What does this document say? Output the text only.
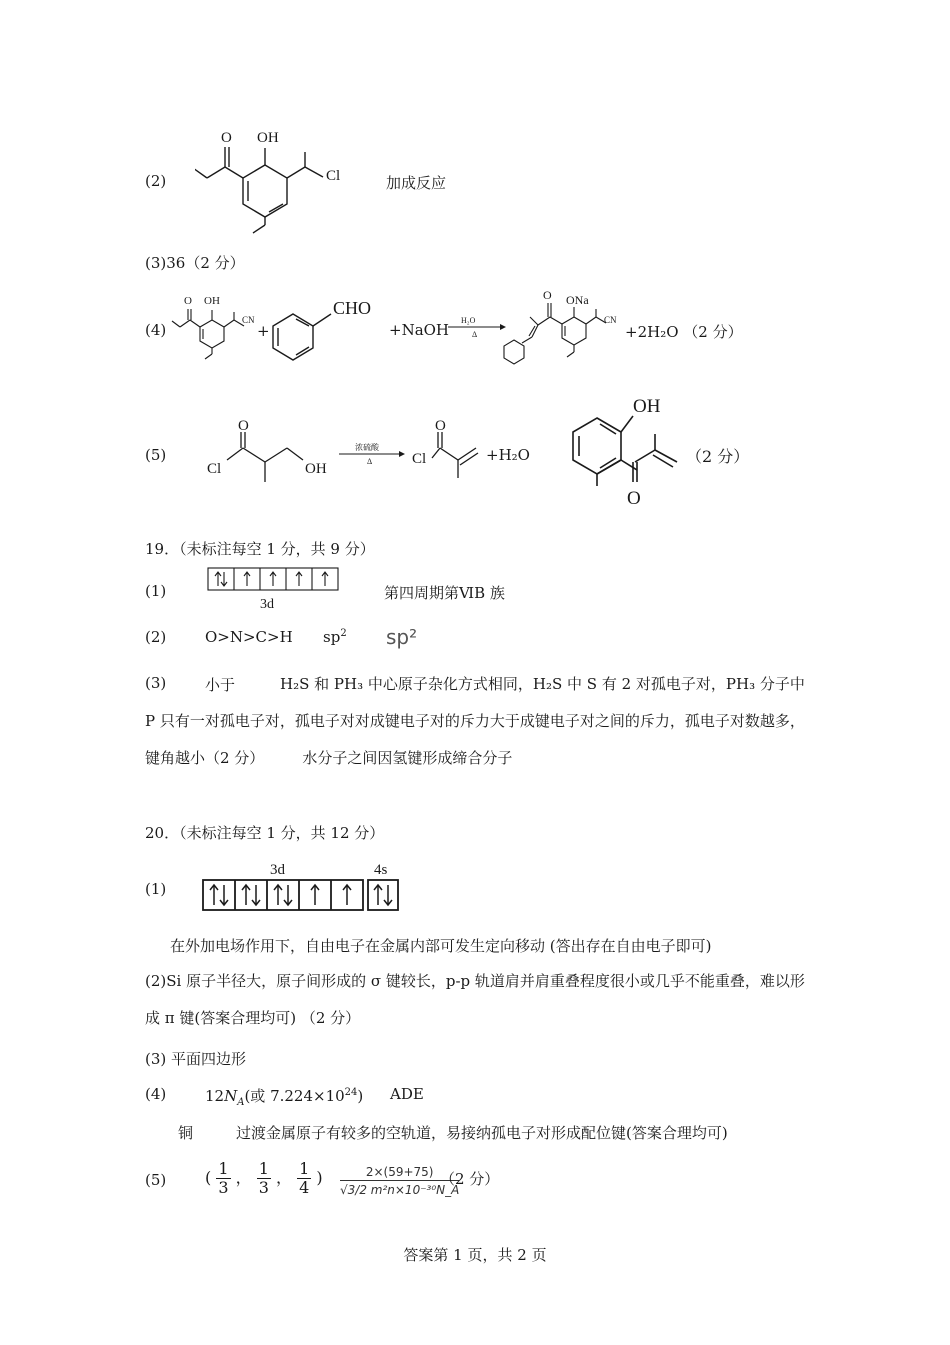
(2)
O OH
Cl	加成反应
(3)36（2 分）
(4)
O OH
CN
+
CHO
+NaOH
H₂O
Δ
O ONa
CN
+2H₂O （2 分）
(5)
O
Cl	OH
浓硫酸
Δ
O
Cl	+H₂O
OH
O
（2 分）
19．（未标注每空 1 分，共 9 分）
(1)
3d
第四周期第ⅥB 族
(2)	O>N>C>H $sp^2$ sp²
(3)	小于	H₂S 和 PH₃ 中心原子杂化方式相同，H₂S 中 S 有 2 对孤电子对，PH₃ 分子中 P 只有一对孤电子对，孤电子对对成键电子对的斥力大于成键电子对之间的斥力，孤电子对数越多，键角越小（2 分）	水分子之间因氢键形成缔合分子
20．（未标注每空 1 分，共 12 分）
(1)
3d	4s
在外加电场作用下，自由电子在金属内部可发生定向移动 (答出存在自由电子即可)
(2)Si 原子半径大，原子间形成的 σ 键较长，p-p 轨道肩并肩重叠程度很小或几乎不能重叠，难以形成 π 键(答案合理均可) （2 分）
(3) 平面四边形
(4)	$12N_A$(或 $7.224\times 10^{24}$) ADE
铜	过渡金属原子有较多的空轨道，易接纳孤电子对形成配位键(答案合理均可)
(5) ( $\frac{1}{3}$ ， $\frac{1}{3}$ ， $\frac{1}{4}$ ) $\frac{2\times(59+75)}{\text{√3/2 m²n×10⁻³⁰N\_A}}$
（2 分）
答案第 1 页，共 2 页
